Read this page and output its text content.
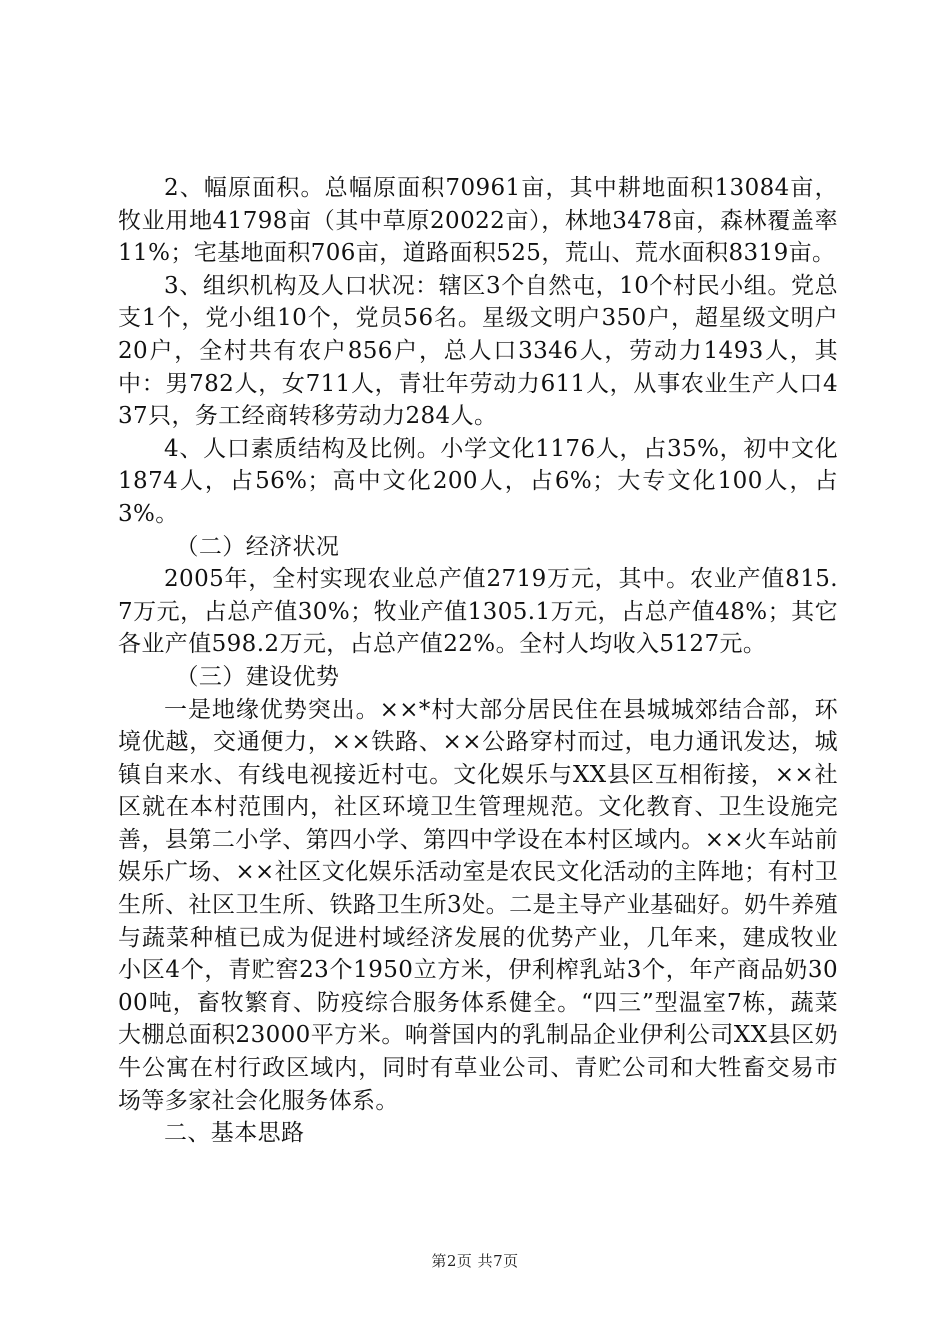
2、幅原面积。总幅原面积70961亩，其中耕地面积13084亩，牧业用地41798亩（其中草原20022亩），林地3478亩，森林覆盖率11%；宅基地面积706亩，道路面积525，荒山、荒水面积8319亩。

3、组织机构及人口状况：辖区3个自然屯，10个村民小组。党总支1个，党小组10个，党员56名。星级文明户350户，超星级文明户20户，全村共有农户856户，总人口3346人，劳动力1493人，其中：男782人，女711人，青壮年劳动力611人，从事农业生产人口437只，务工经商转移劳动力284人。

4、人口素质结构及比例。小学文化1176人，占35%，初中文化1874人，占56%；高中文化200人，占6%；大专文化100人，占3%。

（二）经济状况

2005年，全村实现农业总产值2719万元，其中。农业产值815.7万元，占总产值30%；牧业产值1305.1万元，占总产值48%；其它各业产值598.2万元，占总产值22%。全村人均收入5127元。

（三）建设优势

一是地缘优势突出。××*村大部分居民住在县城城郊结合部，环境优越，交通便力，××铁路、××公路穿村而过，电力通讯发达，城镇自来水、有线电视接近村屯。文化娱乐与XX县区互相衔接，××社区就在本村范围内，社区环境卫生管理规范。文化教育、卫生设施完善，县第二小学、第四小学、第四中学设在本村区域内。××火车站前娱乐广场、××社区文化娱乐活动室是农民文化活动的主阵地；有村卫生所、社区卫生所、铁路卫生所3处。二是主导产业基础好。奶牛养殖与蔬菜种植已成为促进村域经济发展的优势产业，几年来，建成牧业小区4个，青贮窖23个1950立方米，伊利榨乳站3个，年产商品奶3000吨，畜牧繁育、防疫综合服务体系健全。“四三”型温室7栋，蔬菜大棚总面积23000平方米。响誉国内的乳制品企业伊利公司XX县区奶牛公寓在村行政区域内，同时有草业公司、青贮公司和大牲畜交易市场等多家社会化服务体系。

二、基本思路

第2页 共7页
